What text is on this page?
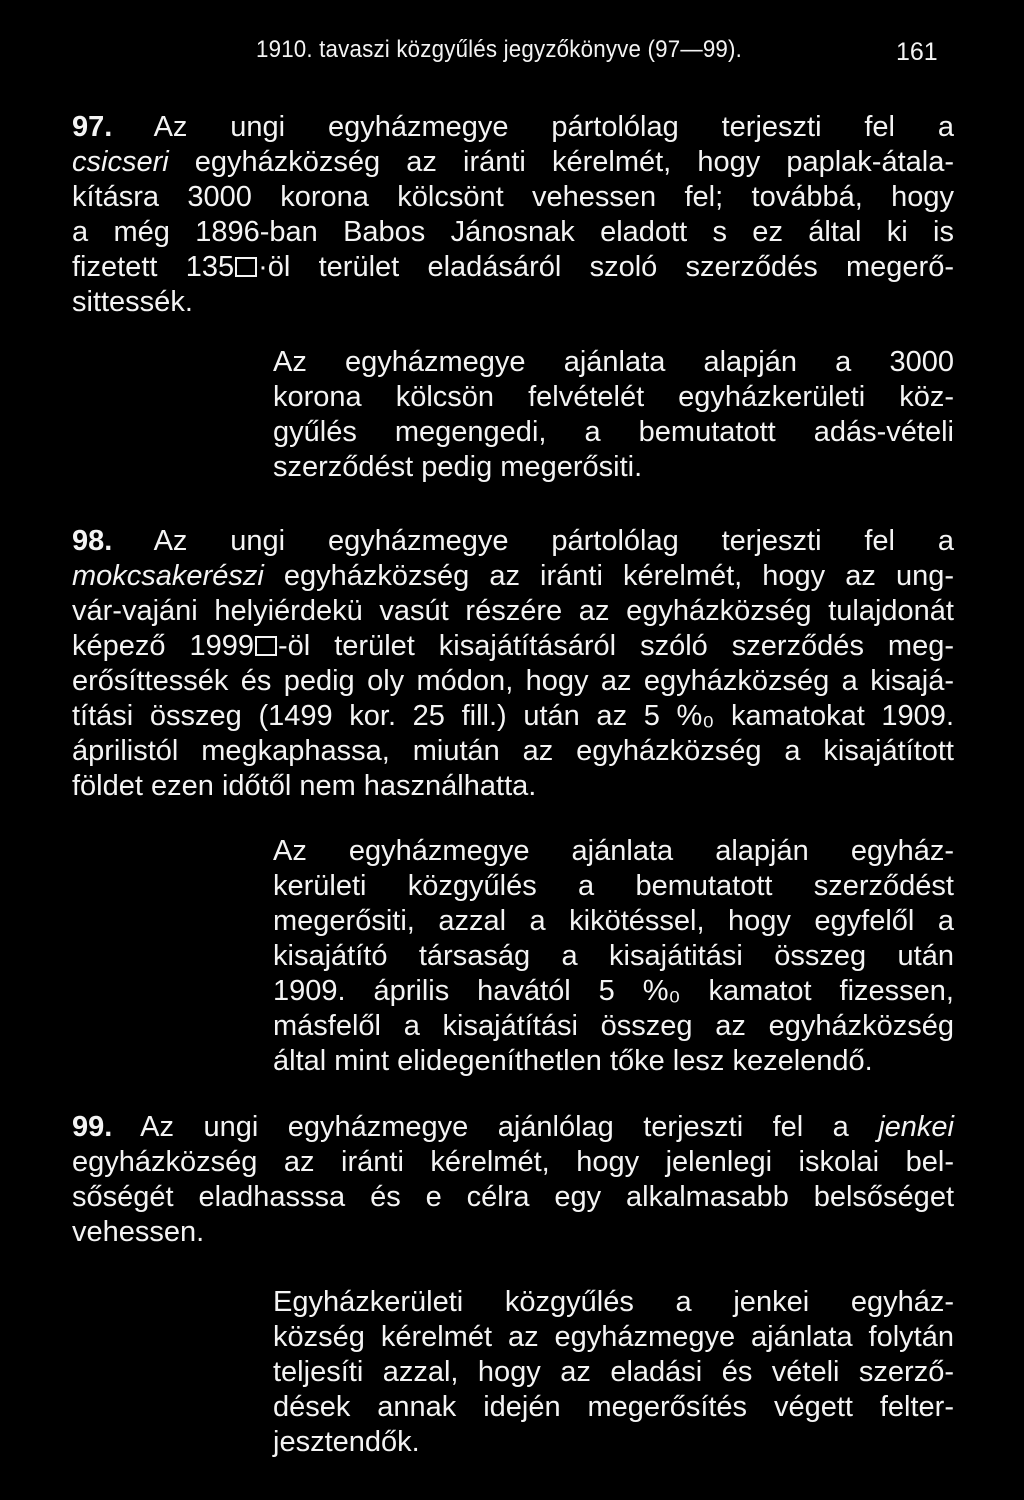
1910. tavaszi közgyűlés jegyzőkönyve (97—99).	161
97. Az ungi egyházmegye pártolólag terjeszti fel a
csicseri egyházközség az iránti kérelmét, hogy paplak-átala-
kításra 3000 korona kölcsönt vehessen fel; továbbá, hogy
a még 1896-ban Babos Jánosnak eladott s ez által ki is
fizetett 135 ·öl terület eladásáról szoló szerződés megerő-
sittessék.
Az egyházmegye ajánlata alapján a 3000
korona kölcsön felvételét egyházkerületi köz-
gyűlés megengedi, a bemutatott adás-vételi
szerződést pedig megerősiti.
98. Az ungi egyházmegye pártolólag terjeszti fel a
mokcsakerészi egyházközség az iránti kérelmét, hogy az ung-
vár-vajáni helyiérdekü vasút részére az egyházközség tulajdonát
képező 1999 -öl terület kisajátításáról szóló szerződés meg-
erősíttessék és pedig oly módon, hogy az egyházközség a kisajá-
títási összeg (1499 kor. 25 fill.) után az 5 %₀ kamatokat 1909.
áprilistól megkaphassa, miután az egyházközség a kisajátított
földet ezen időtől nem használhatta.
Az egyházmegye ajánlata alapján egyház-
kerületi közgyűlés a bemutatott szerződést
megerősiti, azzal a kikötéssel, hogy egyfelől a
kisajátító társaság a kisajátitási összeg után
1909. április havától 5 %₀ kamatot fizessen,
másfelől a kisajátítási összeg az egyházközség
által mint elidegeníthetlen tőke lesz kezelendő.
99. Az ungi egyházmegye ajánlólag terjeszti fel a jenkei
egyházközség az iránti kérelmét, hogy jelenlegi iskolai bel-
sőségét eladhasssa és e célra egy alkalmasabb belsőséget
vehessen.
Egyházkerületi közgyűlés a jenkei egyház-
község kérelmét az egyházmegye ajánlata folytán
teljesíti azzal, hogy az eladási és vételi szerző-
dések annak idején megerősítés végett felter-
jesztendők.
